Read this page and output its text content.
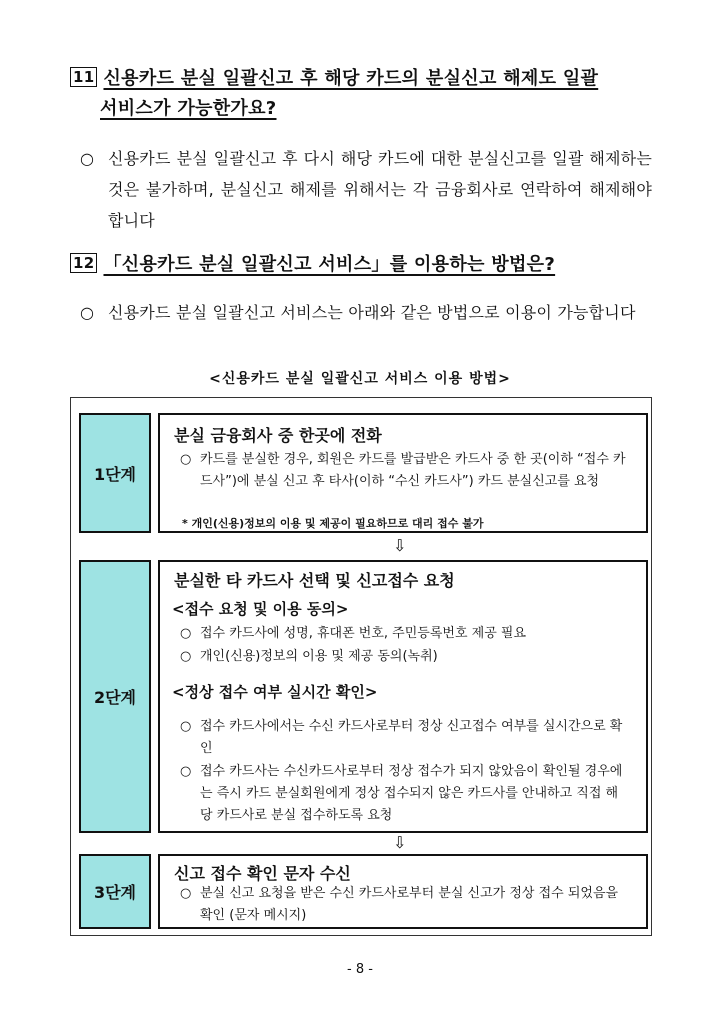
11 신용카드 분실 일괄신고 후 해당 카드의 분실신고 해제도 일괄
서비스가 가능한가요?
○ 신용카드 분실 일괄신고 후 다시 해당 카드에 대한 분실신고를 일괄 해제하는 것은 불가하며, 분실신고 해제를 위해서는 각 금융회사로 연락하여 해제해야 합니다
12 「신용카드 분실 일괄신고 서비스」를 이용하는 방법은?
○ 신용카드 분실 일괄신고 서비스는 아래와 같은 방법으로 이용이 가능합니다
<신용카드 분실 일괄신고 서비스 이용 방법>
1단계
분실 금융회사 중 한곳에 전화
○ 카드를 분실한 경우, 회원은 카드를 발급받은 카드사 중 한 곳(이하 “접수 카드사”)에 분실 신고 후 타사(이하 “수신 카드사”) 카드 분실신고를 요청
* 개인(신용)정보의 이용 및 제공이 필요하므로 대리 접수 불가
⇩
2단계
분실한 타 카드사 선택 및 신고접수 요청
<접수 요청 및 이용 동의>
○ 접수 카드사에 성명, 휴대폰 번호, 주민등록번호 제공 필요
○ 개인(신용)정보의 이용 및 제공 동의(녹취)
<정상 접수 여부 실시간 확인>
○ 접수 카드사에서는 수신 카드사로부터 정상 신고접수 여부를 실시간으로 확인
○ 접수 카드사는 수신카드사로부터 정상 접수가 되지 않았음이 확인될 경우에는 즉시 카드 분실회원에게 정상 접수되지 않은 카드사를 안내하고 직접 해당 카드사로 분실 접수하도록 요청
⇩
3단계
신고 접수 확인 문자 수신
○ 분실 신고 요청을 받은 수신 카드사로부터 분실 신고가 정상 접수 되었음을 확인 (문자 메시지)
- 8 -
